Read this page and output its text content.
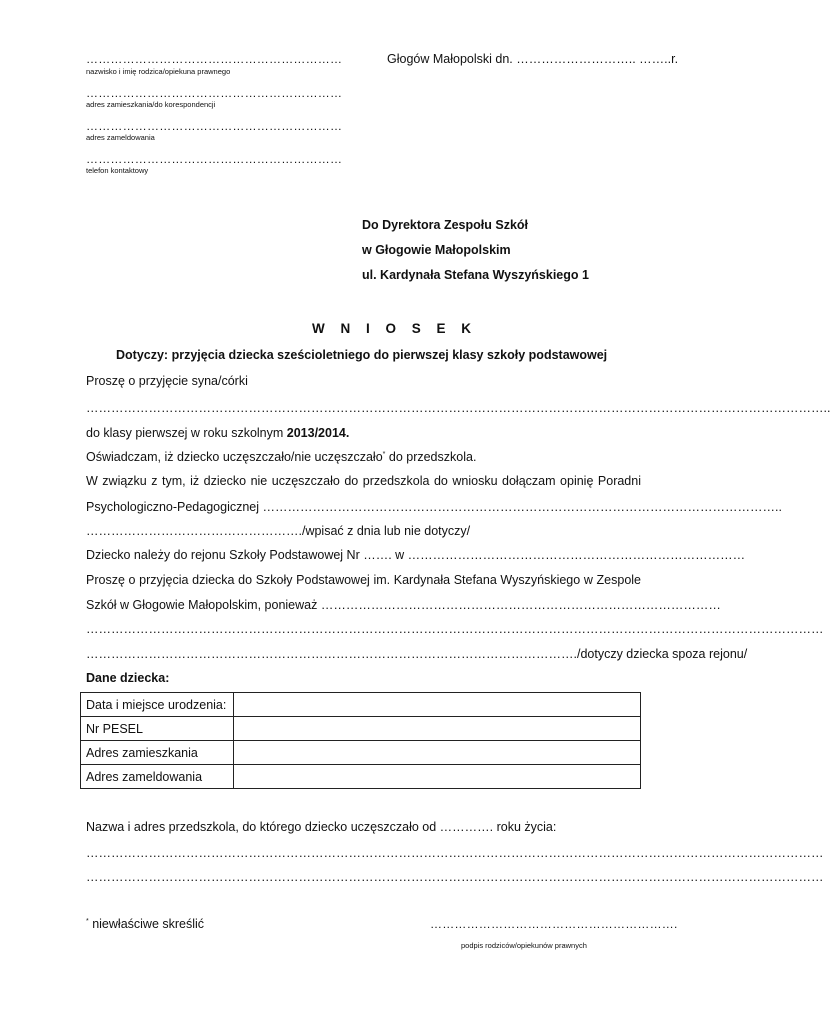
………………………………………………………
nazwisko i imię rodzica/opiekuna prawnego
………………………………………………………
adres zamieszkania/do korespondencji
………………………………………………………
adres zameldowania
………………………………………………………
telefon kontaktowy
Głogów Małopolski dn. ……………………….. ……..r.
Do Dyrektora Zespołu Szkół
w Głogowie Małopolskim
ul. Kardynała Stefana Wyszyńskiego 1
W N I O S E K
Dotyczy: przyjęcia dziecka sześcioletniego do pierwszej klasy szkoły podstawowej
Proszę o przyjęcie syna/córki
……………………………………………………………………………………………………………………………………………………………..
do klasy pierwszej w roku szkolnym 2013/2014.
Oświadczam, iż dziecko uczęszczało/nie uczęszczało* do przedszkola.
W związku z tym, iż dziecko nie uczęszczało do przedszkola do wniosku dołączam opinię Poradni
Psychologiczno-Pedagogicznej ……………………………………………………………………………………………………………..
……………………………………………./wpisać z dnia lub nie dotyczy/
Dziecko należy do rejonu Szkoły Podstawowej Nr ……. w ………………………………………………………………………
Proszę o przyjęcia dziecka do Szkoły Podstawowej im. Kardynała Stefana Wyszyńskiego w Zespole
Szkół w Głogowie Małopolskim, ponieważ ……………………………………………………………………………………
……………………………………………………………………………………………………………………………………………………………
………………………………………………………………………………………………………./dotyczy dziecka spoza rejonu/
Dane dziecka:
Data i miejsce urodzenia:	
Nr PESEL	
Adres zamieszkania	
Adres zameldowania	
Nazwa i adres przedszkola, do którego dziecko uczęszczało od …………. roku życia:
……………………………………………………………………………………………………………………………………………………………
……………………………………………………………………………………………………………………………………………………………
* niewłaściwe skreślić	…………………………………………………….
podpis rodziców/opiekunów prawnych
